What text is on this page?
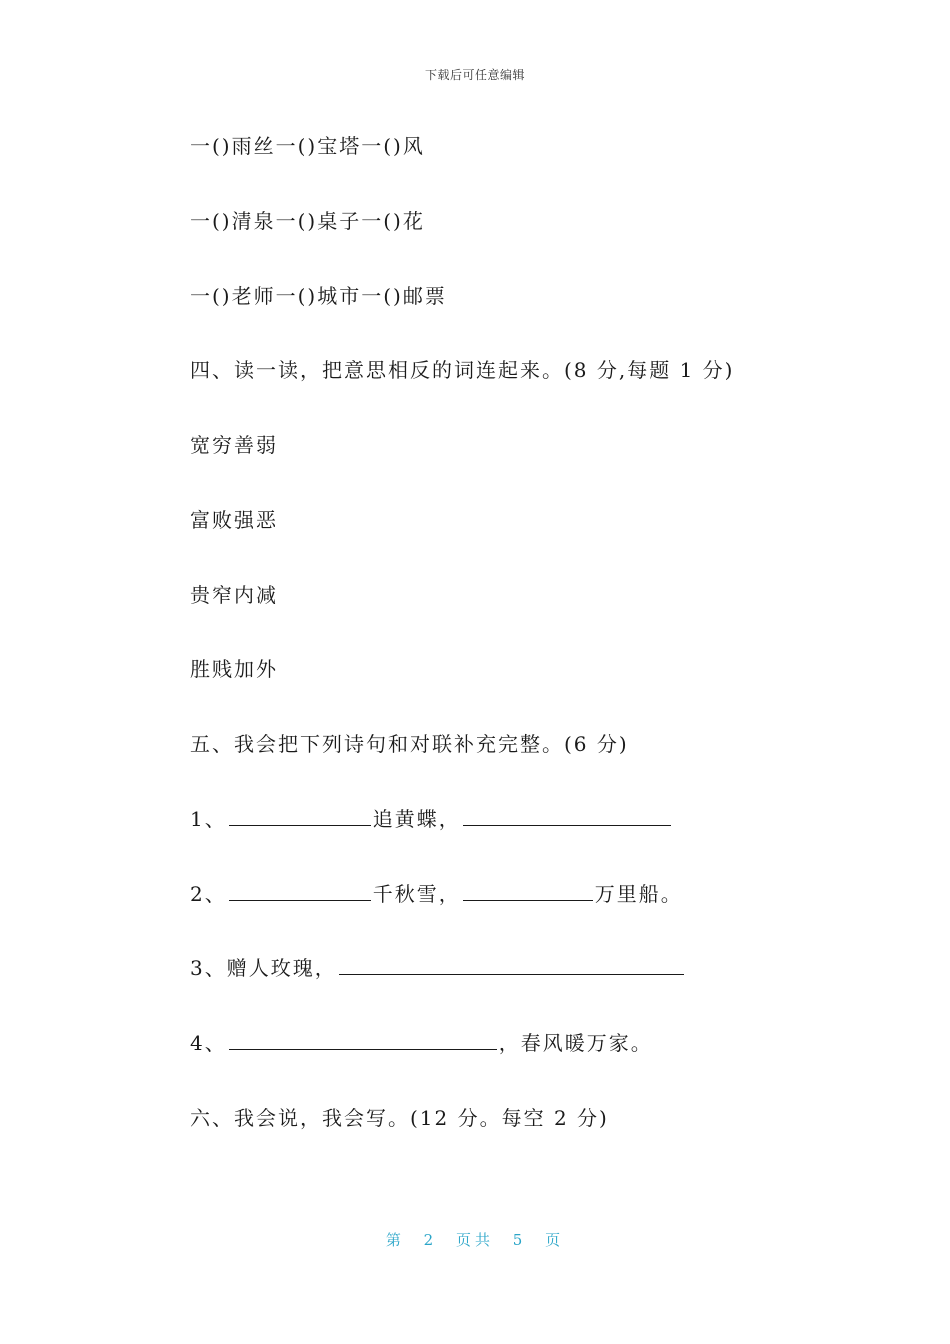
下载后可任意编辑
一()雨丝一()宝塔一()风
一()清泉一()桌子一()花
一()老师一()城市一()邮票
四、读一读，把意思相反的词连起来。(8 分,每题 1 分)
宽穷善弱
富败强恶
贵窄内减
胜贱加外
五、我会把下列诗句和对联补充完整。(6 分)
1、	追黄蝶，
2、	千秋雪，	万里船。
3、赠人玫瑰，
4、	，春风暖万家。
六、我会说，我会写。(12 分。每空 2 分)
第 2 页共 5 页
